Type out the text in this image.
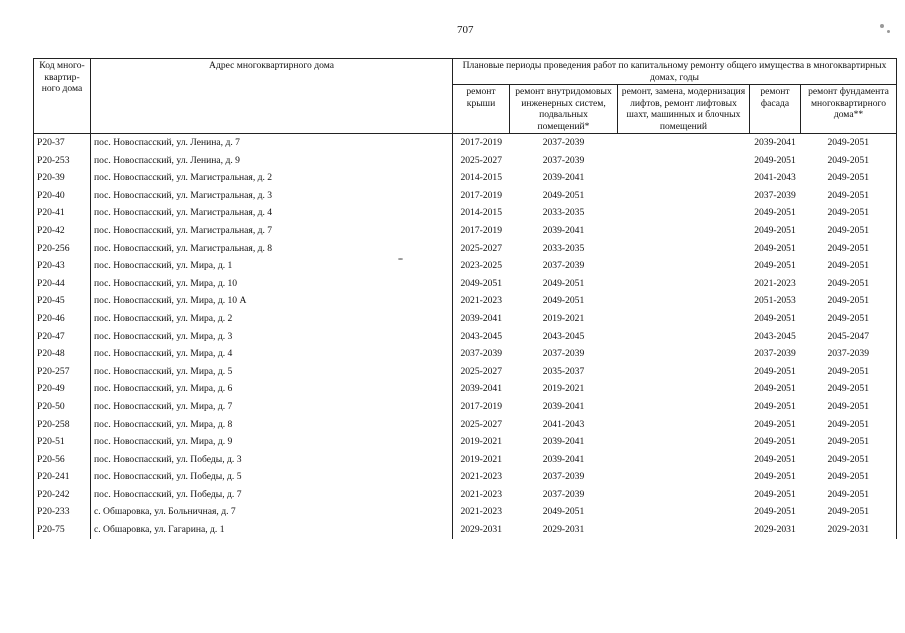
707
Код много-квартир-ного дома	Адрес многоквартирного дома	Плановые периоды проведения работ по капитальному ремонту общего имущества в многоквартирных домах, годы				
		ремонт крыши	ремонт внутридомовых инженерных систем, подвальных помещений*	ремонт, замена, модернизация лифтов, ремонт лифтовых шахт, машинных и блочных помещений	ремонт фасада	ремонт фундамента многоквартирного дома**
Р20-37	пос. Новоспасский, ул. Ленина, д. 7	2017-2019	2037-2039		2039-2041	2049-2051
Р20-253	пос. Новоспасский, ул. Ленина, д. 9	2025-2027	2037-2039		2049-2051	2049-2051
Р20-39	пос. Новоспасский, ул. Магистральная, д. 2	2014-2015	2039-2041		2041-2043	2049-2051
Р20-40	пос. Новоспасский, ул. Магистральная, д. 3	2017-2019	2049-2051		2037-2039	2049-2051
Р20-41	пос. Новоспасский, ул. Магистральная, д. 4	2014-2015	2033-2035		2049-2051	2049-2051
Р20-42	пос. Новоспасский, ул. Магистральная, д. 7	2017-2019	2039-2041		2049-2051	2049-2051
Р20-256	пос. Новоспасский, ул. Магистральная, д. 8	2025-2027	2033-2035		2049-2051	2049-2051
Р20-43	пос. Новоспасский, ул. Мира, д. 1	2023-2025	2037-2039		2049-2051	2049-2051
Р20-44	пос. Новоспасский, ул. Мира, д. 10	2049-2051	2049-2051		2021-2023	2049-2051
Р20-45	пос. Новоспасский, ул. Мира, д. 10 А	2021-2023	2049-2051		2051-2053	2049-2051
Р20-46	пос. Новоспасский, ул. Мира, д. 2	2039-2041	2019-2021		2049-2051	2049-2051
Р20-47	пос. Новоспасский, ул. Мира, д. 3	2043-2045	2043-2045		2043-2045	2045-2047
Р20-48	пос. Новоспасский, ул. Мира, д. 4	2037-2039	2037-2039		2037-2039	2037-2039
Р20-257	пос. Новоспасский, ул. Мира, д. 5	2025-2027	2035-2037		2049-2051	2049-2051
Р20-49	пос. Новоспасский, ул. Мира, д. 6	2039-2041	2019-2021		2049-2051	2049-2051
Р20-50	пос. Новоспасский, ул. Мира, д. 7	2017-2019	2039-2041		2049-2051	2049-2051
Р20-258	пос. Новоспасский, ул. Мира, д. 8	2025-2027	2041-2043		2049-2051	2049-2051
Р20-51	пос. Новоспасский, ул. Мира, д. 9	2019-2021	2039-2041		2049-2051	2049-2051
Р20-56	пос. Новоспасский, ул. Победы, д. 3	2019-2021	2039-2041		2049-2051	2049-2051
Р20-241	пос. Новоспасский, ул. Победы, д. 5	2021-2023	2037-2039		2049-2051	2049-2051
Р20-242	пос. Новоспасский, ул. Победы, д. 7	2021-2023	2037-2039		2049-2051	2049-2051
Р20-233	с. Обшаровка, ул. Больничная, д. 7	2021-2023	2049-2051		2049-2051	2049-2051
Р20-75	с. Обшаровка, ул. Гагарина, д. 1	2029-2031	2029-2031		2029-2031	2029-2031
